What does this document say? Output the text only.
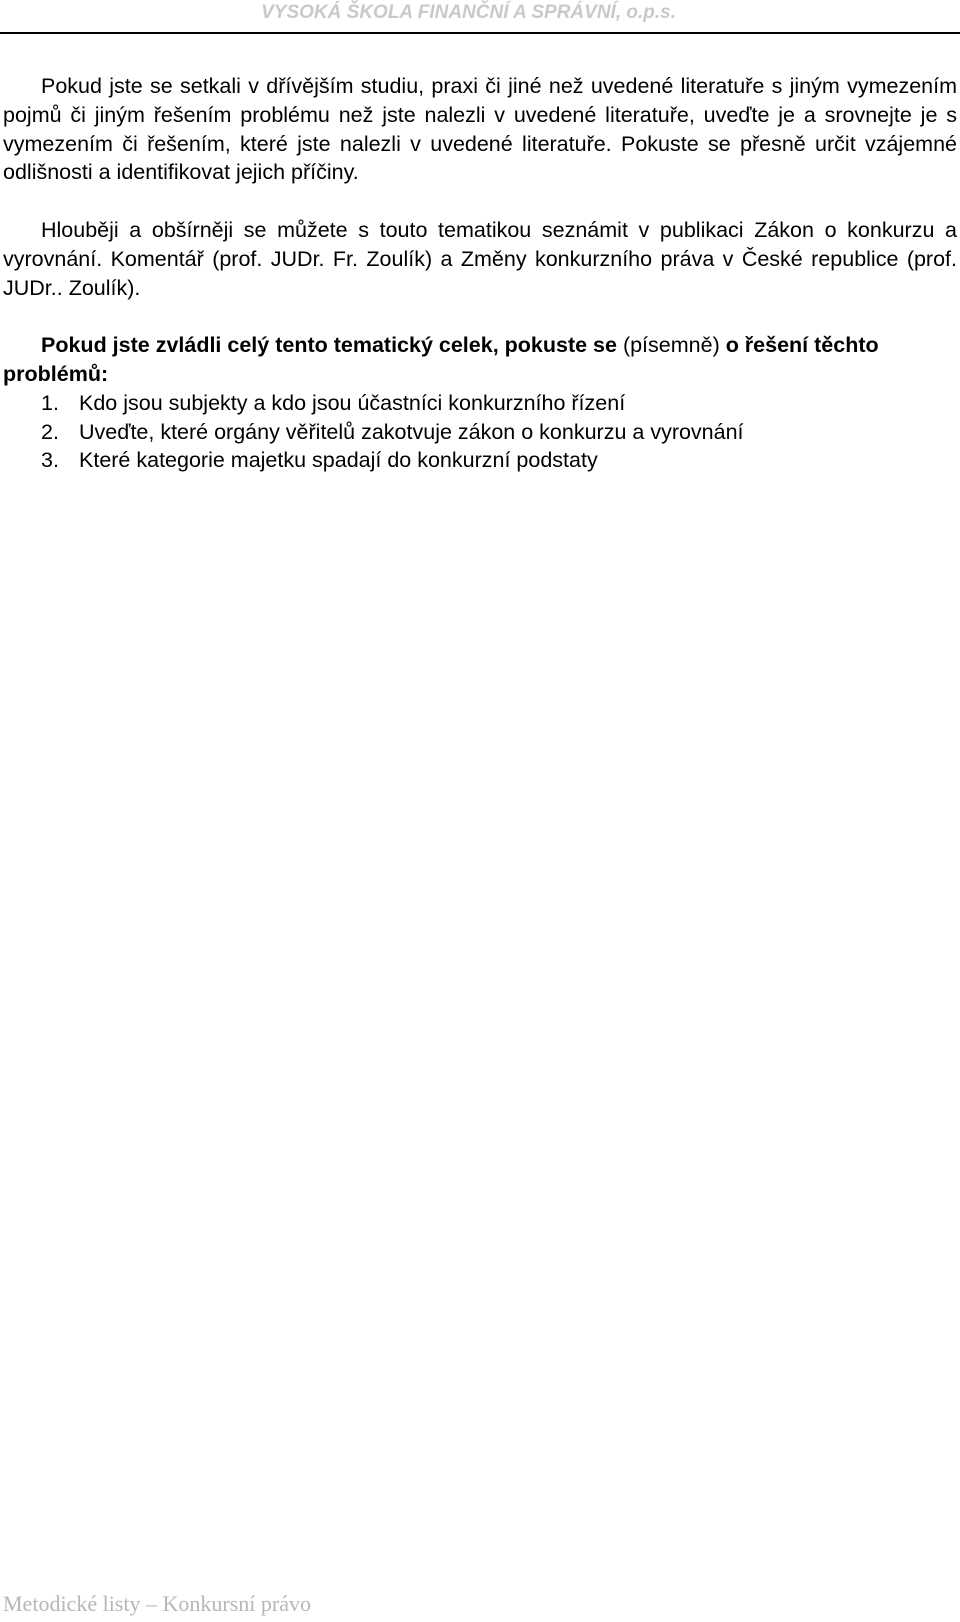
VYSOKÁ ŠKOLA FINANČNÍ A SPRÁVNÍ, o.p.s.

Pokud jste se setkali v dřívějším studiu, praxi či jiné než uvedené literatuře s jiným vymezením pojmů či jiným řešením problému než jste nalezli v uvedené literatuře, uveďte je a srovnejte je s vymezením či řešením, které jste nalezli v uvedené literatuře. Pokuste se přesně určit vzájemné odlišnosti a identifikovat jejich příčiny.

Hlouběji a obšírněji se můžete s touto tematikou seznámit v publikaci Zákon o konkurzu a vyrovnání. Komentář (prof. JUDr. Fr. Zoulík) a Změny konkurzního práva v České republice (prof. JUDr.. Zoulík).

Pokud jste zvládli celý tento tematický celek, pokuste se (písemně) o řešení těchto problémů:

1. Kdo jsou subjekty a kdo jsou účastníci konkurzního řízení
2. Uveďte, které orgány věřitelů zakotvuje zákon o konkurzu a vyrovnání
3. Které kategorie majetku spadají do konkurzní podstaty
Metodické listy – Konkursní právo
